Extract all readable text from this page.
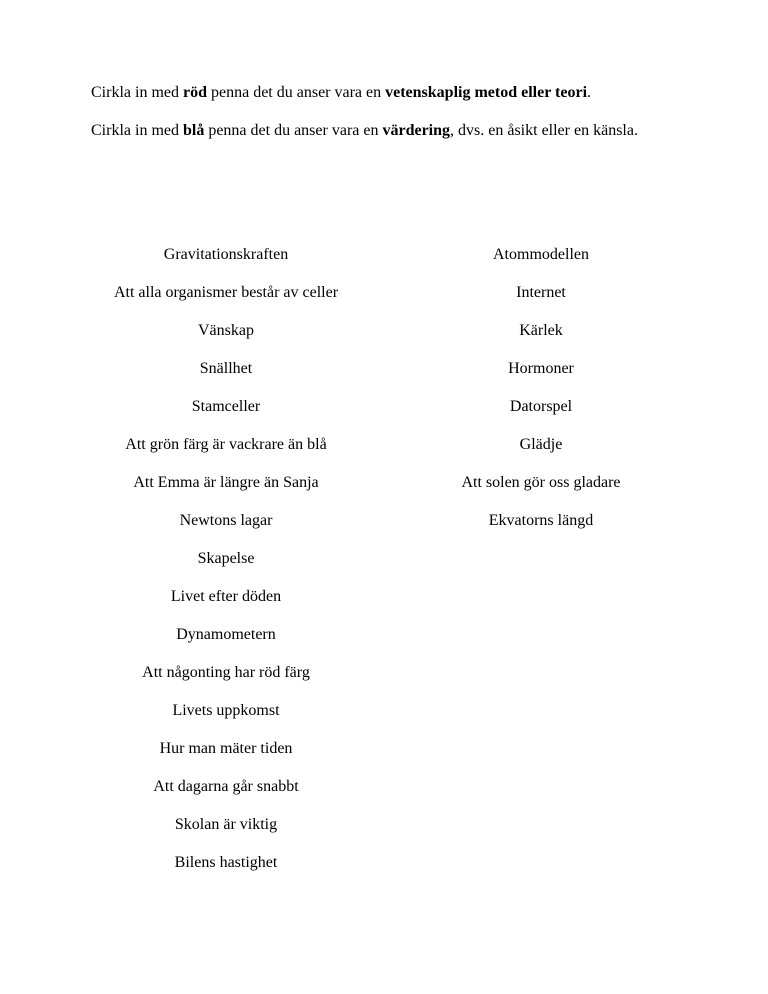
Cirkla in med röd penna det du anser vara en vetenskaplig metod eller teori.

Cirkla in med blå penna det du anser vara en värdering, dvs. en åsikt eller en känsla.

Gravitationskraften
Att alla organismer består av celler
Vänskap
Snällhet
Stamceller
Att grön färg är vackrare än blå
Att Emma är längre än Sanja
Newtons lagar
Skapelse
Livet efter döden
Dynamometern
Att någonting har röd färg
Livets uppkomst
Hur man mäter tiden
Att dagarna går snabbt
Skolan är viktig
Bilens hastighet
Atommodellen
Internet
Kärlek
Hormoner
Datorspel
Glädje
Att solen gör oss gladare
Ekvatorns längd
